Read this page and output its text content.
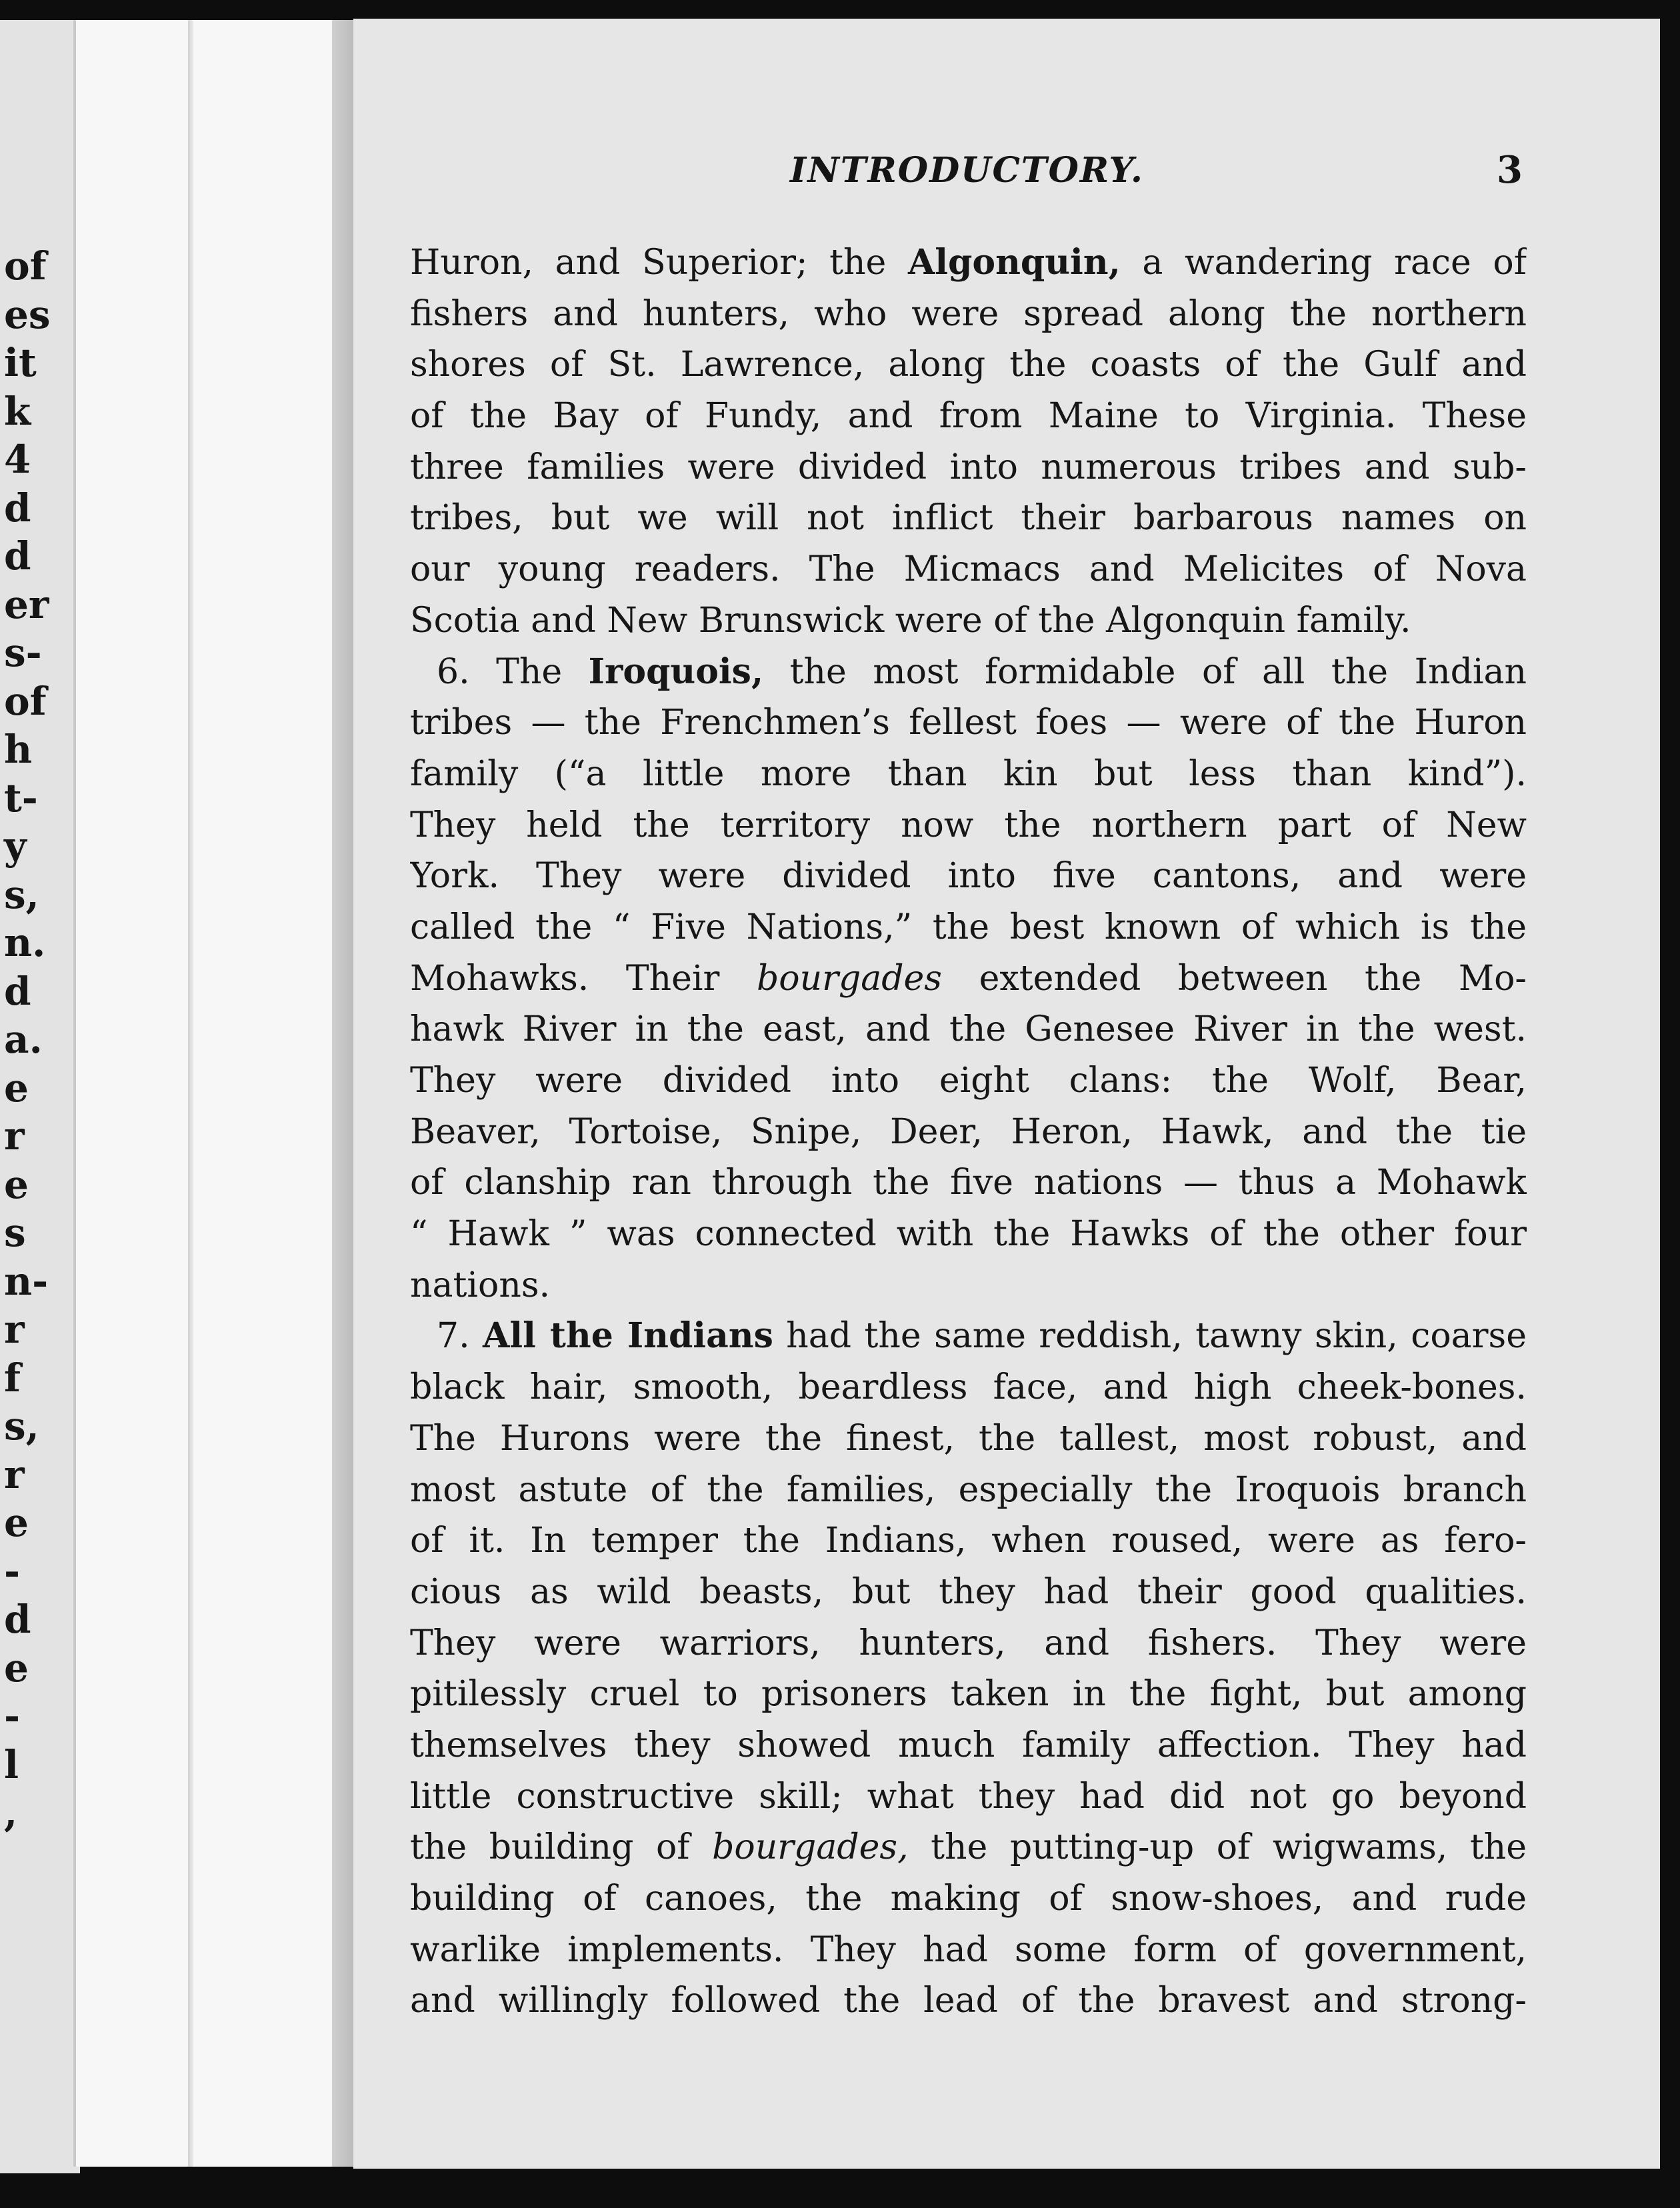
of
es
it
k
4
d
d
er
s-
of
h
t-
y
s,
n.
d
a.
e
r
e
s
n-
r
f
s,
r
e
-
d
e
-
l
,
INTRODUCTORY.	3
Huron, and Superior; the Algonquin, a wandering race of
fishers and hunters, who were spread along the northern
shores of St. Lawrence, along the coasts of the Gulf and
of the Bay of Fundy, and from Maine to Virginia. These
three families were divided into numerous tribes and sub-
tribes, but we will not inflict their barbarous names on
our young readers. The Micmacs and Melicites of Nova
Scotia and New Brunswick were of the Algonquin family.
6. The Iroquois, the most formidable of all the Indian
tribes — the Frenchmen’s fellest foes — were of the Huron
family (“a little more than kin but less than kind”).
They held the territory now the northern part of New
York. They were divided into five cantons, and were
called the “ Five Nations,” the best known of which is the
Mohawks. Their bourgades extended between the Mo-
hawk River in the east, and the Genesee River in the west.
They were divided into eight clans: the Wolf, Bear,
Beaver, Tortoise, Snipe, Deer, Heron, Hawk, and the tie
of clanship ran through the five nations — thus a Mohawk
“ Hawk ” was connected with the Hawks of the other four
nations.
7. All the Indians had the same reddish, tawny skin, coarse
black hair, smooth, beardless face, and high cheek-bones.
The Hurons were the finest, the tallest, most robust, and
most astute of the families, especially the Iroquois branch
of it. In temper the Indians, when roused, were as fero-
cious as wild beasts, but they had their good qualities.
They were warriors, hunters, and fishers. They were
pitilessly cruel to prisoners taken in the fight, but among
themselves they showed much family affection. They had
little constructive skill; what they had did not go beyond
the building of bourgades, the putting-up of wigwams, the
building of canoes, the making of snow-shoes, and rude
warlike implements. They had some form of government,
and willingly followed the lead of the bravest and strong-
